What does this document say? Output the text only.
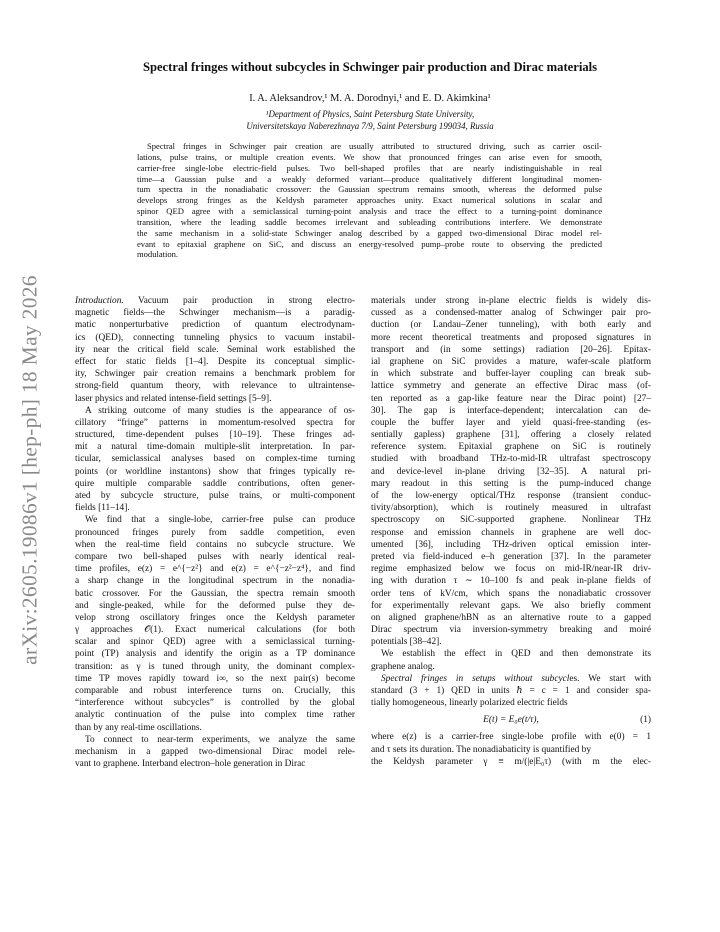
arXiv:2605.19086v1 [hep-ph] 18 May 2026
Spectral fringes without subcycles in Schwinger pair production and Dirac materials
I. A. Aleksandrov,¹ M. A. Dorodnyi,¹ and E. D. Akimkina¹
¹Department of Physics, Saint Petersburg State University,
Universitetskaya Naberezhnaya 7/9, Saint Petersburg 199034, Russia
Spectral fringes in Schwinger pair creation are usually attributed to structured driving, such as carrier oscil-
lations, pulse trains, or multiple creation events. We show that pronounced fringes can arise even for smooth,
carrier-free single-lobe electric-field pulses. Two bell-shaped profiles that are nearly indistinguishable in real
time—a Gaussian pulse and a weakly deformed variant—produce qualitatively different longitudinal momen-
tum spectra in the nonadiabatic crossover: the Gaussian spectrum remains smooth, whereas the deformed pulse
develops strong fringes as the Keldysh parameter approaches unity. Exact numerical solutions in scalar and
spinor QED agree with a semiclassical turning-point analysis and trace the effect to a turning-point dominance
transition, where the leading saddle becomes irrelevant and subleading contributions interfere. We demonstrate
the same mechanism in a solid-state Schwinger analog described by a gapped two-dimensional Dirac model rel-
evant to epitaxial graphene on SiC, and discuss an energy-resolved pump–probe route to observing the predicted
modulation.
Introduction. Vacuum pair production in strong electro-
magnetic fields—the Schwinger mechanism—is a paradig-
matic nonperturbative prediction of quantum electrodynam-
ics (QED), connecting tunneling physics to vacuum instabil-
ity near the critical field scale. Seminal work established the
effect for static fields [1–4]. Despite its conceptual simplic-
ity, Schwinger pair creation remains a benchmark problem for
strong-field quantum theory, with relevance to ultraintense-
laser physics and related intense-field settings [5–9].
A striking outcome of many studies is the appearance of os-
cillatory “fringe” patterns in momentum-resolved spectra for
structured, time-dependent pulses [10–19]. These fringes ad-
mit a natural time-domain multiple-slit interpretation. In par-
ticular, semiclassical analyses based on complex-time turning
points (or worldline instantons) show that fringes typically re-
quire multiple comparable saddle contributions, often gener-
ated by subcycle structure, pulse trains, or multi-component
fields [11–14].
We find that a single-lobe, carrier-free pulse can produce
pronounced fringes purely from saddle competition, even
when the real-time field contains no subcycle structure. We
compare two bell-shaped pulses with nearly identical real-
time profiles, e(z) = e^{−z²} and e(z) = e^{−z²−z⁴}, and find
a sharp change in the longitudinal spectrum in the nonadia-
batic crossover. For the Gaussian, the spectra remain smooth
and single-peaked, while for the deformed pulse they de-
velop strong oscillatory fringes once the Keldysh parameter
γ approaches 𝒪(1). Exact numerical calculations (for both
scalar and spinor QED) agree with a semiclassical turning-
point (TP) analysis and identify the origin as a TP dominance
transition: as γ is tuned through unity, the dominant complex-
time TP moves rapidly toward i∞, so the next pair(s) become
comparable and robust interference turns on. Crucially, this
“interference without subcycles” is controlled by the global
analytic continuation of the pulse into complex time rather
than by any real-time oscillations.
To connect to near-term experiments, we analyze the same
mechanism in a gapped two-dimensional Dirac model rele-
vant to graphene. Interband electron–hole generation in Dirac
materials under strong in-plane electric fields is widely dis-
cussed as a condensed-matter analog of Schwinger pair pro-
duction (or Landau–Zener tunneling), with both early and
more recent theoretical treatments and proposed signatures in
transport and (in some settings) radiation [20–26]. Epitax-
ial graphene on SiC provides a mature, wafer-scale platform
in which substrate and buffer-layer coupling can break sub-
lattice symmetry and generate an effective Dirac mass (of-
ten reported as a gap-like feature near the Dirac point) [27–
30]. The gap is interface-dependent; intercalation can de-
couple the buffer layer and yield quasi-free-standing (es-
sentially gapless) graphene [31], offering a closely related
reference system. Epitaxial graphene on SiC is routinely
studied with broadband THz-to-mid-IR ultrafast spectroscopy
and device-level in-plane driving [32–35]. A natural pri-
mary readout in this setting is the pump-induced change
of the low-energy optical/THz response (transient conduc-
tivity/absorption), which is routinely measured in ultrafast
spectroscopy on SiC-supported graphene. Nonlinear THz
response and emission channels in graphene are well doc-
umented [36], including THz-driven optical emission inter-
preted via field-induced e–h generation [37]. In the parameter
regime emphasized below we focus on mid-IR/near-IR driv-
ing with duration τ ∼ 10–100 fs and peak in-plane fields of
order tens of kV/cm, which spans the nonadiabatic crossover
for experimentally relevant gaps. We also briefly comment
on aligned graphene/hBN as an alternative route to a gapped
Dirac spectrum via inversion-symmetry breaking and moiré
potentials [38–42].
We establish the effect in QED and then demonstrate its
graphene analog.
Spectral fringes in setups without subcycles. We start with
standard (3 + 1) QED in units ℏ = c = 1 and consider spa-
tially homogeneous, linearly polarized electric fields
E(t) = E₀e(t/τ),	(1)
where e(z) is a carrier-free single-lobe profile with e(0) = 1
and τ sets its duration. The nonadiabaticity is quantified by
the Keldysh parameter γ ≡ m/(|e|E₀τ) (with m the elec-
